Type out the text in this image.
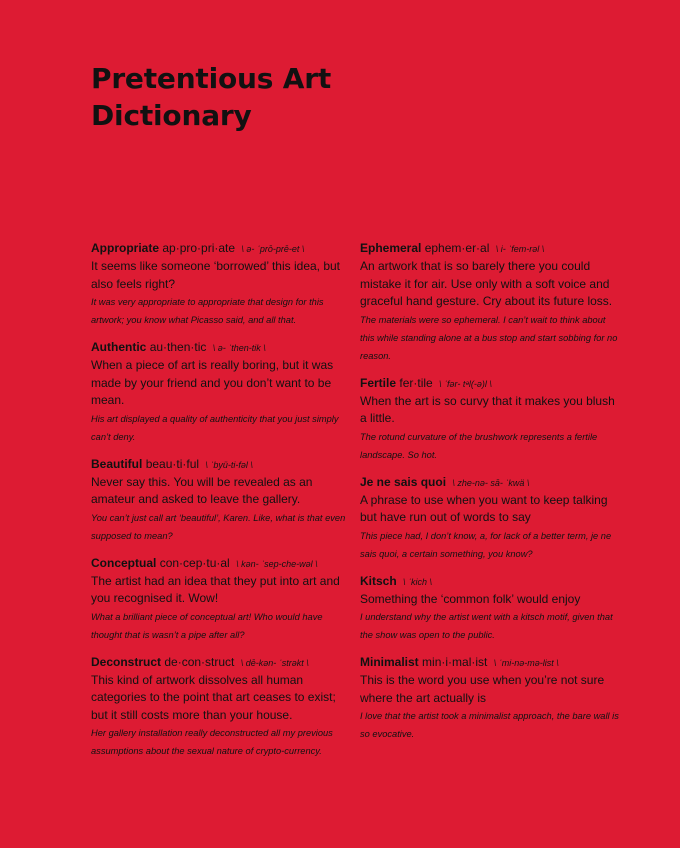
Pretentious Art Dictionary
Appropriate ap·pro·pri·ate \ ə- ˈprō-prē-et \

It seems like someone ‘borrowed’ this idea, but also feels right?

It was very appropriate to appropriate that design for this artwork; you know what Picasso said, and all that.

Authentic au·then·tic \ ə- ˈthen-tik \

When a piece of art is really boring, but it was made by your friend and you don’t want to be mean.

His art displayed a quality of authenticity that you just simply can’t deny.

Beautiful beau·ti·ful \ ˈbyü-ti-fəl \

Never say this. You will be revealed as an amateur and asked to leave the gallery.

You can’t just call art ‘beautiful’, Karen. Like, what is that even supposed to mean?

Conceptual con·cep·tu·al \ kən- ˈsep-che-wəl \

The artist had an idea that they put into art and you recognised it. Wow!

What a brilliant piece of conceptual art! Who would have thought that is wasn’t a pipe after all?

Deconstruct de·con·struct \ dē-kən- ˈstrəkt \

This kind of artwork dissolves all human categories to the point that art ceases to exist; but it still costs more than your house.

Her gallery installation really deconstructed all my previous assumptions about the sexual nature of crypto-currency.

Ephemeral ephem·er·al \ i- ˈfem-rəl \

An artwork that is so barely there you could mistake it for air. Use only with a soft voice and graceful hand gesture. Cry about its future loss.

The materials were so ephemeral. I can’t wait to think about this while standing alone at a bus stop and start sobbing for no reason.

Fertile fer·tile \ ˈfər- tᵊl(-ə)l \

When the art is so curvy that it makes you blush a little.

The rotund curvature of the brushwork represents a fertile landscape. So hot.

Je ne sais quoi \ zhe-nə- sā- ˈkwä \

A phrase to use when you want to keep talking but have run out of words to say

This piece had, I don’t know, a, for lack of a better term, je ne sais quoi, a certain something, you know?

Kitsch \ ˈkich \

Something the ‘common folk’ would enjoy

I understand why the artist went with a kitsch motif, given that the show was open to the public.

Minimalist min·i·mal·ist \ ˈmi-nə-mə-list \

This is the word you use when you’re not sure where the art actually is

I love that the artist took a minimalist approach, the bare wall is so evocative.
